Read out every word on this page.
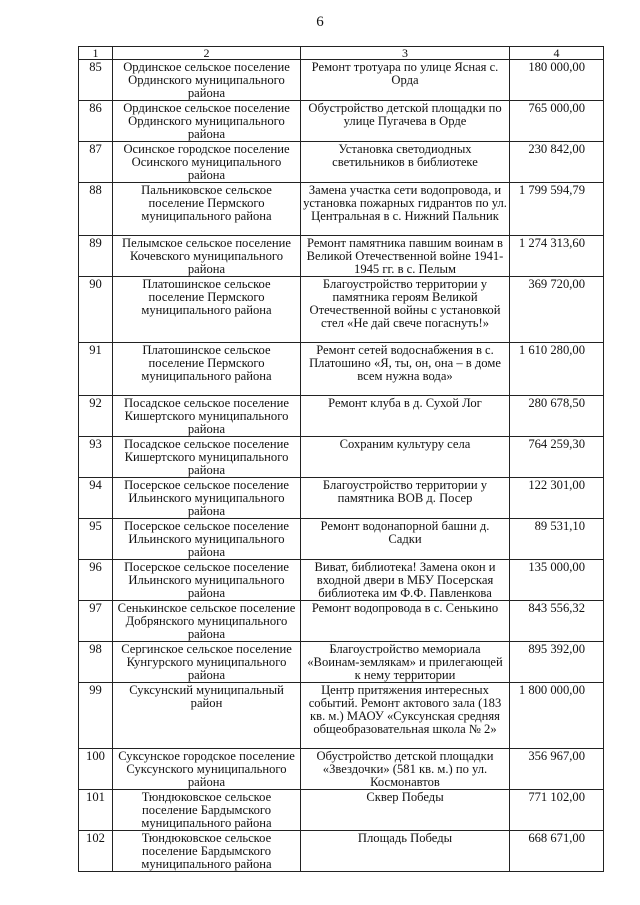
6
1	2	3	4
85	Ординское сельское поселение Ординского муниципального района	Ремонт тротуара по улице Ясная с. Орда	180 000,00
86	Ординское сельское поселение Ординского муниципального района	Обустройство детской площадки по улице Пугачева в Орде	765 000,00
87	Осинское городское поселение Осинского муниципального района	Установка светодиодных светильников в библиотеке	230 842,00
88	Пальниковское сельское поселение Пермского муниципального района	Замена участка сети водопровода, и установка пожарных гидрантов по ул. Центральная в с. Нижний Пальник	1 799 594,79
89	Пелымское сельское поселение Кочевского муниципального района	Ремонт памятника павшим воинам в Великой Отечественной войне 1941-1945 гг. в с. Пелым	1 274 313,60
90	Платошинское сельское поселение Пермского муниципального района	Благоустройство территории у памятника героям Великой Отечественной войны с установкой стел «Не дай свече погаснуть!»	369 720,00
91	Платошинское сельское поселение Пермского муниципального района	Ремонт сетей водоснабжения в с. Платошино «Я, ты, он, она – в доме всем нужна вода»	1 610 280,00
92	Посадское сельское поселение Кишертского муниципального района	Ремонт клуба в д. Сухой Лог	280 678,50
93	Посадское сельское поселение Кишертского муниципального района	Сохраним культуру села	764 259,30
94	Посерское сельское поселение Ильинского муниципального района	Благоустройство территории у памятника ВОВ д. Посер	122 301,00
95	Посерское сельское поселение Ильинского муниципального района	Ремонт водонапорной башни д. Садки	89 531,10
96	Посерское сельское поселение Ильинского муниципального района	Виват, библиотека! Замена окон и входной двери в МБУ Посерская библиотека им Ф.Ф. Павленкова	135 000,00
97	Сенькинское сельское поселение Добрянского муниципального района	Ремонт водопровода в с. Сенькино	843 556,32
98	Сергинское сельское поселение Кунгурского муниципального района	Благоустройство мемориала «Воинам-землякам» и прилегающей к нему территории	895 392,00
99	Суксунский муниципальный район	Центр притяжения интересных событий. Ремонт актового зала (183 кв. м.) МАОУ «Суксунская средняя общеобразовательная школа № 2»	1 800 000,00
100	Суксунское городское поселение Суксунского муниципального района	Обустройство детской площадки «Звездочки» (581 кв. м.) по ул. Космонавтов	356 967,00
101	Тюндюковское сельское поселение Бардымского муниципального района	Сквер Победы	771 102,00
102	Тюндюковское сельское поселение Бардымского муниципального района	Площадь Победы	668 671,00
